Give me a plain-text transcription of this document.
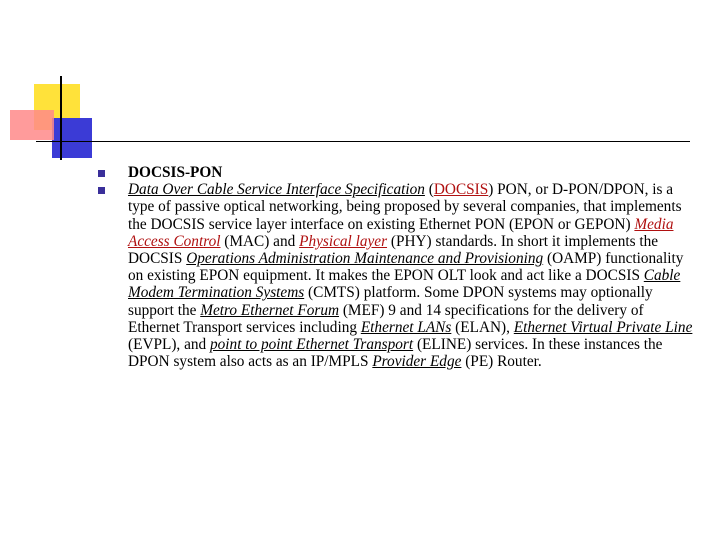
DOCSIS-PON
Data Over Cable Service Interface Specification (DOCSIS) PON, or D-PON/DPON, is a type of passive optical networking, being proposed by several companies, that implements the DOCSIS service layer interface on existing Ethernet PON (EPON or GEPON) Media Access Control (MAC) and Physical layer (PHY) standards. In short it implements the DOCSIS Operations Administration Maintenance and Provisioning (OAMP) functionality on existing EPON equipment. It makes the EPON OLT look and act like a DOCSIS Cable Modem Termination Systems (CMTS) platform. Some DPON systems may optionally support the Metro Ethernet Forum (MEF) 9 and 14 specifications for the delivery of Ethernet Transport services including Ethernet LANs (ELAN), Ethernet Virtual Private Line (EVPL), and point to point Ethernet Transport (ELINE) services. In these instances the DPON system also acts as an IP/MPLS Provider Edge (PE) Router.
